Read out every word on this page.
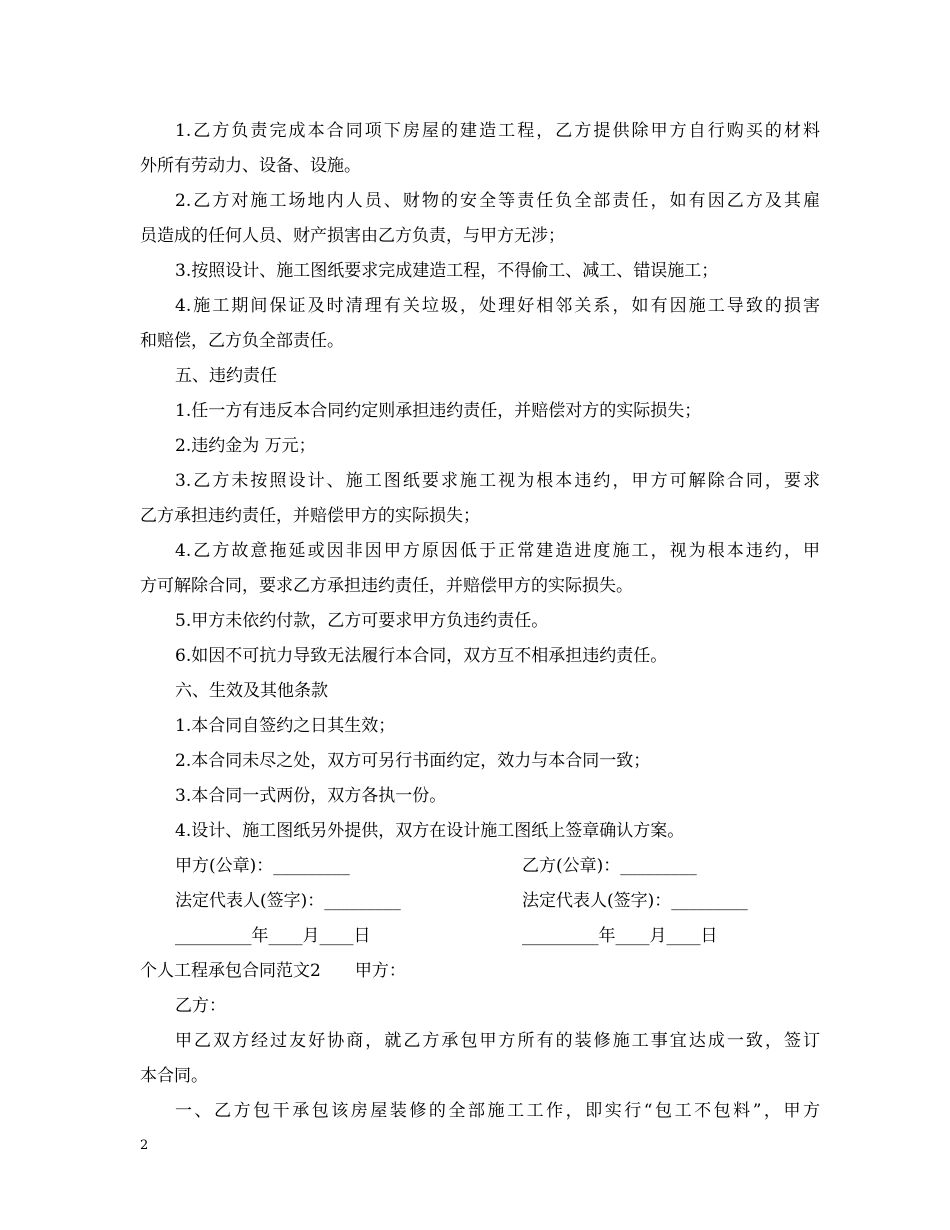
1.乙方负责完成本合同项下房屋的建造工程，乙方提供除甲方自行购买的材料
外所有劳动力、设备、设施。
2.乙方对施工场地内人员、财物的安全等责任负全部责任，如有因乙方及其雇
员造成的任何人员、财产损害由乙方负责，与甲方无涉；
3.按照设计、施工图纸要求完成建造工程，不得偷工、减工、错误施工；
4.施工期间保证及时清理有关垃圾，处理好相邻关系，如有因施工导致的损害
和赔偿，乙方负全部责任。
五、违约责任
1.任一方有违反本合同约定则承担违约责任，并赔偿对方的实际损失；
2.违约金为 万元；
3.乙方未按照设计、施工图纸要求施工视为根本违约，甲方可解除合同，要求
乙方承担违约责任，并赔偿甲方的实际损失；
4.乙方故意拖延或因非因甲方原因低于正常建造进度施工，视为根本违约，甲
方可解除合同，要求乙方承担违约责任，并赔偿甲方的实际损失。
5.甲方未依约付款，乙方可要求甲方负违约责任。
6.如因不可抗力导致无法履行本合同，双方互不相承担违约责任。
六、生效及其他条款
1.本合同自签约之日其生效；
2.本合同未尽之处，双方可另行书面约定，效力与本合同一致；
3.本合同一式两份，双方各执一份。
4.设计、施工图纸另外提供，双方在设计施工图纸上签章确认方案。
甲方(公章)：_________	乙方(公章)：_________
法定代表人(签字)：_________	法定代表人(签字)：_________
_________年____月____日	_________年____月____日
个人工程承包合同范文2　　甲方：
乙方：
甲乙双方经过友好协商，就乙方承包甲方所有的装修施工事宜达成一致，签订
本合同。
一、乙方包干承包该房屋装修的全部施工工作，即实行“包工不包料”，甲方
2
